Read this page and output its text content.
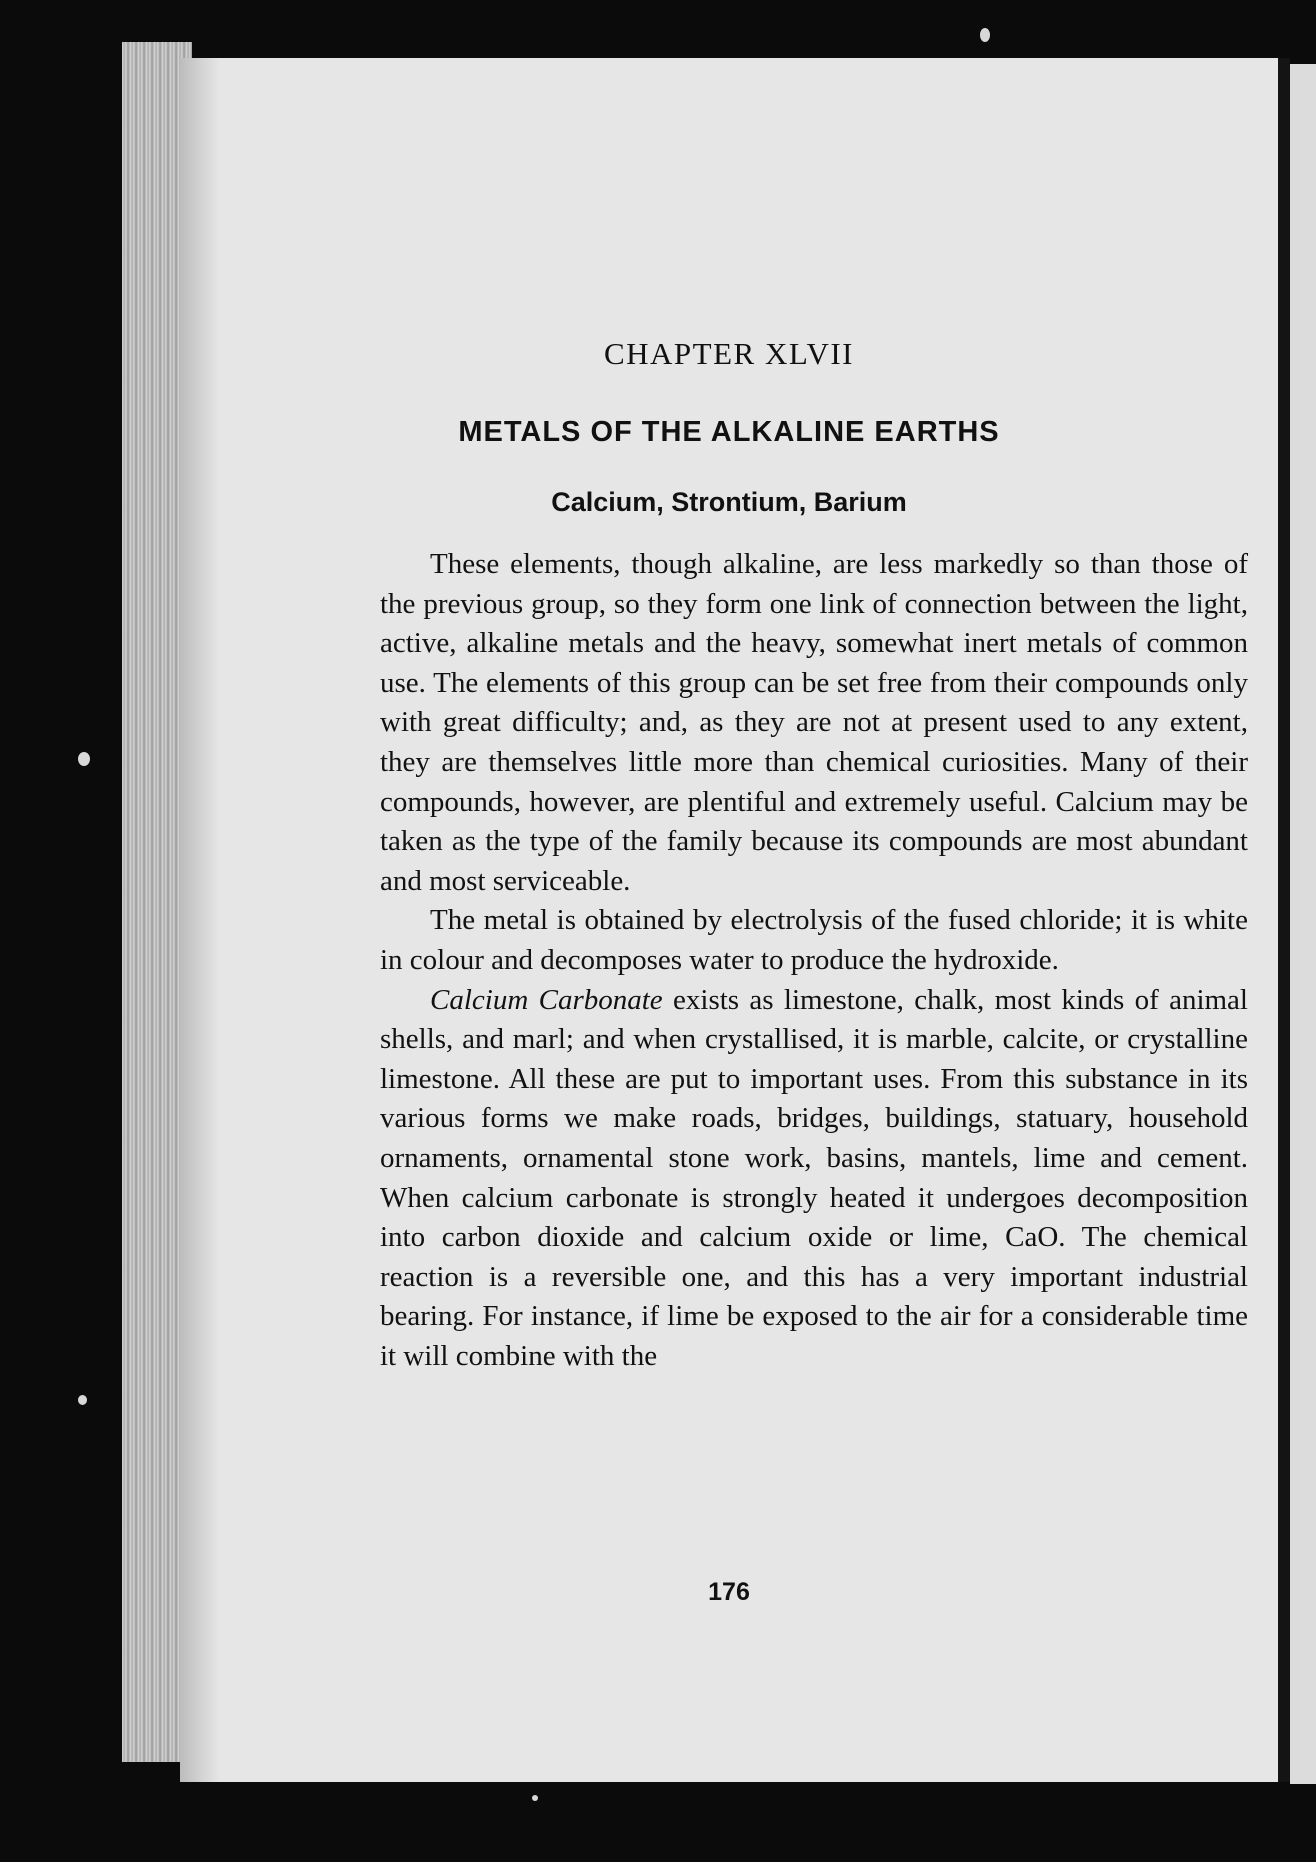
CHAPTER XLVII
METALS OF THE ALKALINE EARTHS
Calcium, Strontium, Barium

These elements, though alkaline, are less markedly so than those of the previous group, so they form one link of connection between the light, active, alkaline metals and the heavy, somewhat inert metals of common use. The elements of this group can be set free from their compounds only with great difficulty; and, as they are not at present used to any extent, they are themselves little more than chemical curiosities. Many of their compounds, however, are plentiful and extremely useful. Calcium may be taken as the type of the family because its compounds are most abundant and most serviceable.

The metal is obtained by electrolysis of the fused chloride; it is white in colour and decomposes water to produce the hydroxide.

Calcium Carbonate exists as limestone, chalk, most kinds of animal shells, and marl; and when crystallised, it is marble, calcite, or crystalline limestone. All these are put to important uses. From this substance in its various forms we make roads, bridges, buildings, statuary, household ornaments, ornamental stone work, basins, mantels, lime and cement. When calcium carbonate is strongly heated it undergoes decomposition into carbon dioxide and calcium oxide or lime, CaO. The chemical reaction is a reversible one, and this has a very important industrial bearing. For instance, if lime be exposed to the air for a considerable time it will combine with the

176
